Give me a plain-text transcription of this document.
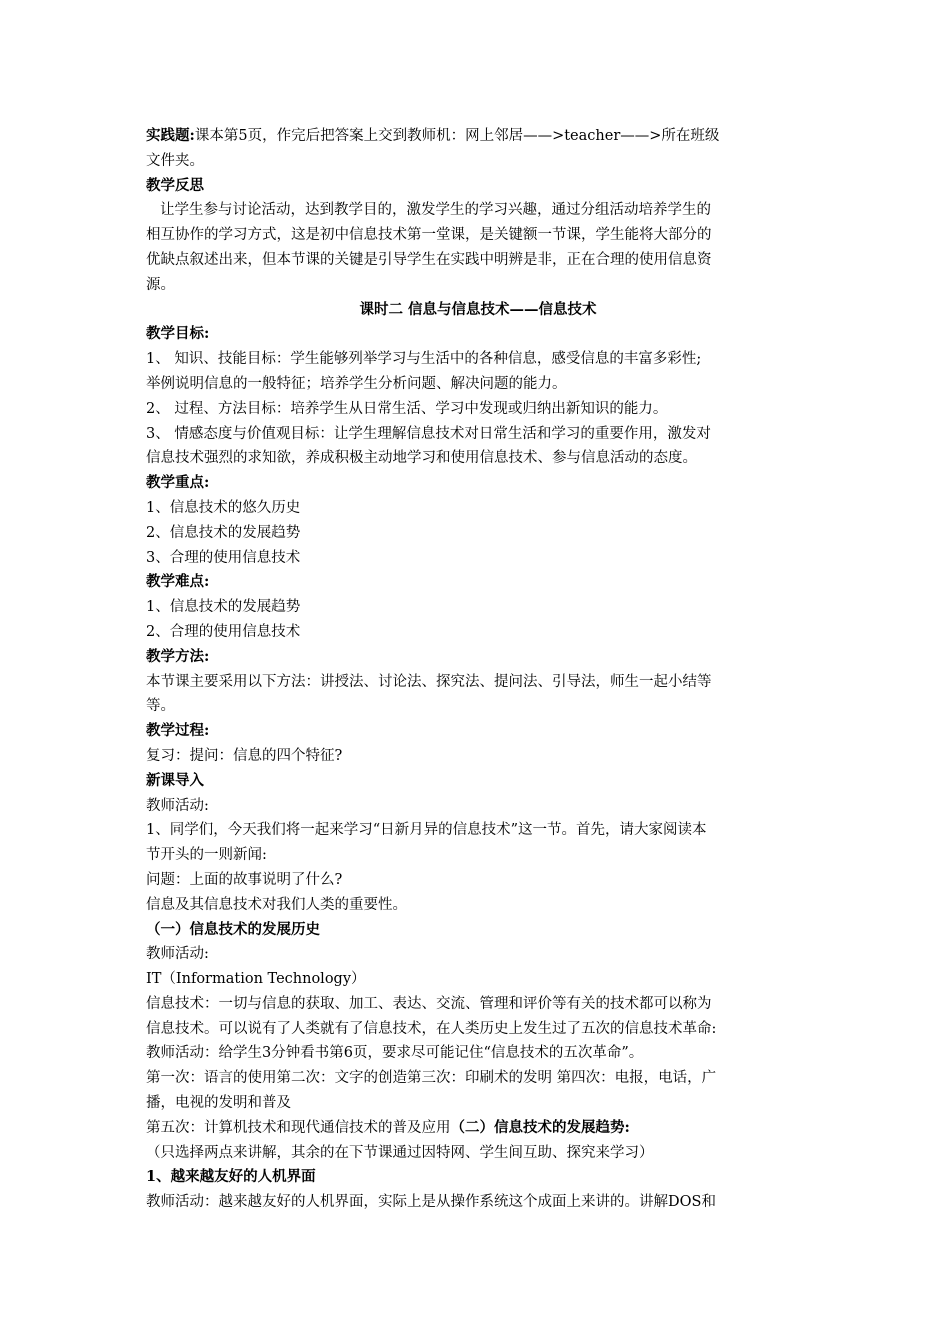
实践题:课本第5页，作完后把答案上交到教师机：网上邻居——>teacher——>所在班级
文件夹。
教学反思
让学生参与讨论活动，达到教学目的，激发学生的学习兴趣，通过分组活动培养学生的
相互协作的学习方式，这是初中信息技术第一堂课，是关键额一节课，学生能将大部分的
优缺点叙述出来，但本节课的关键是引导学生在实践中明辨是非，正在合理的使用信息资
源。
课时二 信息与信息技术——信息技术
教学目标:
1、 知识、技能目标：学生能够列举学习与生活中的各种信息，感受信息的丰富多彩性;
举例说明信息的一般特征；培养学生分析问题、解决问题的能力。
2、 过程、方法目标：培养学生从日常生活、学习中发现或归纳出新知识的能力。
3、 情感态度与价值观目标：让学生理解信息技术对日常生活和学习的重要作用，激发对
信息技术强烈的求知欲，养成积极主动地学习和使用信息技术、参与信息活动的态度。
教学重点:
1、信息技术的悠久历史
2、信息技术的发展趋势
3、合理的使用信息技术
教学难点:
1、信息技术的发展趋势
2、合理的使用信息技术
教学方法:
本节课主要采用以下方法：讲授法、讨论法、探究法、提问法、引导法，师生一起小结等
等。
教学过程:
复习：提问：信息的四个特征?
新课导入
教师活动:
1、同学们，今天我们将一起来学习“日新月异的信息技术”这一节。首先，请大家阅读本
节开头的一则新闻:
问题：上面的故事说明了什么?
信息及其信息技术对我们人类的重要性。
（一）信息技术的发展历史
教师活动:
IT（Information Technology）
信息技术：一切与信息的获取、加工、表达、交流、管理和评价等有关的技术都可以称为
信息技术。可以说有了人类就有了信息技术，在人类历史上发生过了五次的信息技术革命:
教师活动：给学生3分钟看书第6页，要求尽可能记住“信息技术的五次革命”。
第一次：语言的使用第二次：文字的创造第三次：印刷术的发明 第四次：电报，电话，广
播，电视的发明和普及
第五次：计算机技术和现代通信技术的普及应用（二）信息技术的发展趋势:
（只选择两点来讲解，其余的在下节课通过因特网、学生间互助、探究来学习）
1、越来越友好的人机界面
教师活动：越来越友好的人机界面，实际上是从操作系统这个成面上来讲的。讲解DOS和
